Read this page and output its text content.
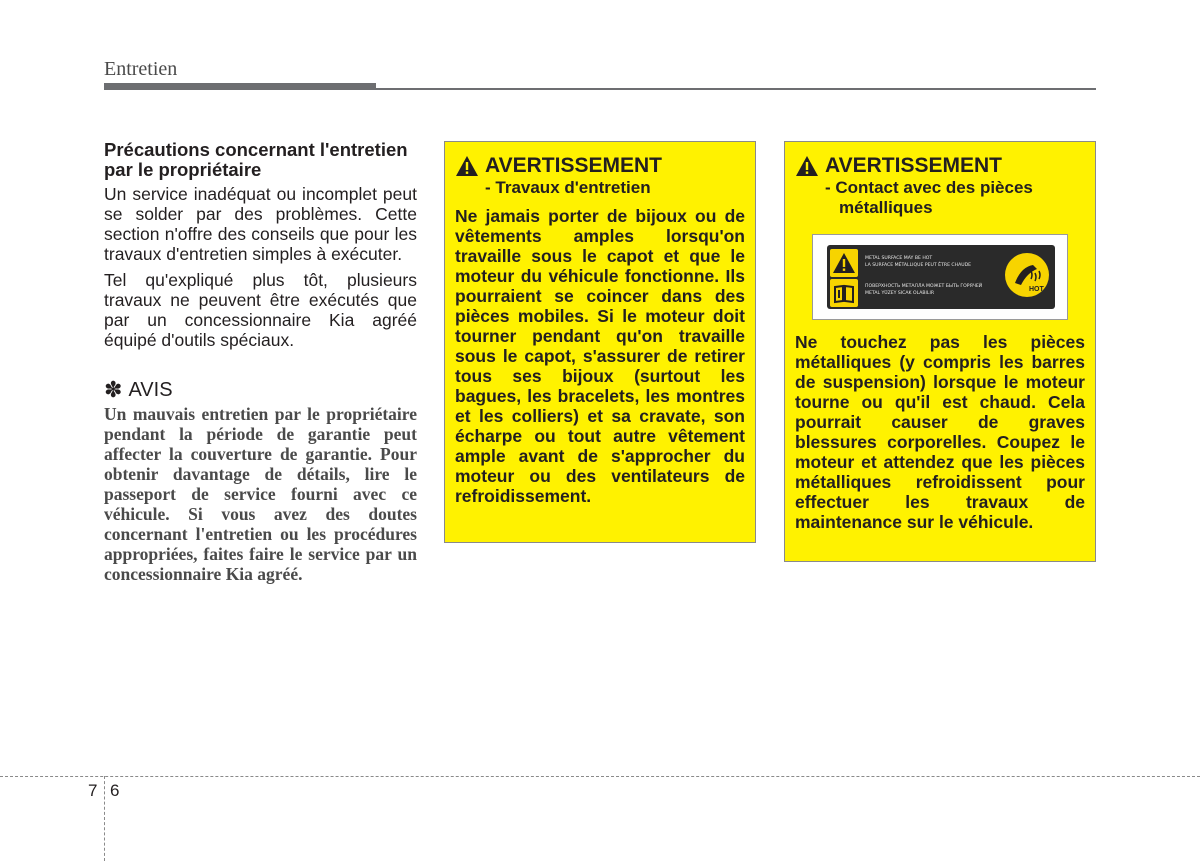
Entretien
Précautions concernant l'entretien par le propriétaire

Un service inadéquat ou incomplet peut se solder par des problèmes. Cette section n'offre des conseils que pour les travaux d'entretien simples à exécuter.

Tel qu'expliqué plus tôt, plusieurs travaux ne peuvent être exécutés que par un concessionnaire Kia agréé équipé d'outils spéciaux.

✽ AVIS
Un mauvais entretien par le propriétaire pendant la période de garantie peut affecter la couverture de garantie. Pour obtenir davantage de détails, lire le passeport de service fourni avec ce véhicule. Si vous avez des doutes concernant l'entretien ou les procédures appropriées, faites faire le service par un concessionnaire Kia agréé.
AVERTISSEMENT
- Travaux d'entretien
Ne jamais porter de bijoux ou de vêtements amples lorsqu'on travaille sous le capot et que le moteur du véhicule fonctionne. Ils pourraient se coincer dans des pièces mobiles. Si le moteur doit tourner pendant qu'on travaille sous le capot, s'assurer de retirer tous ses bijoux (surtout les bagues, les bracelets, les montres et les colliers) et sa cravate, son écharpe ou tout autre vêtement ample avant de s'approcher du moteur ou des ventilateurs de refroidissement.
AVERTISSEMENT
- Contact avec des pièces
métalliques
METAL SURFACE MAY BE HOT
LA SURFACE MÉTALLIQUE PEUT ÊTRE CHAUDE
ПОВЕРХНОСТЬ МЕТАЛЛА МОЖЕТ БЫТЬ ГОРЯЧЕЙ
METAL YÜZEY SICAK OLABILIR
HOT
Ne touchez pas les pièces métalliques (y compris les barres de suspension) lorsque le moteur tourne ou qu'il est chaud. Cela pourrait causer de graves blessures corporelles. Coupez le moteur et attendez que les pièces métalliques refroidissent pour effectuer les travaux de maintenance sur le véhicule.
7 6
